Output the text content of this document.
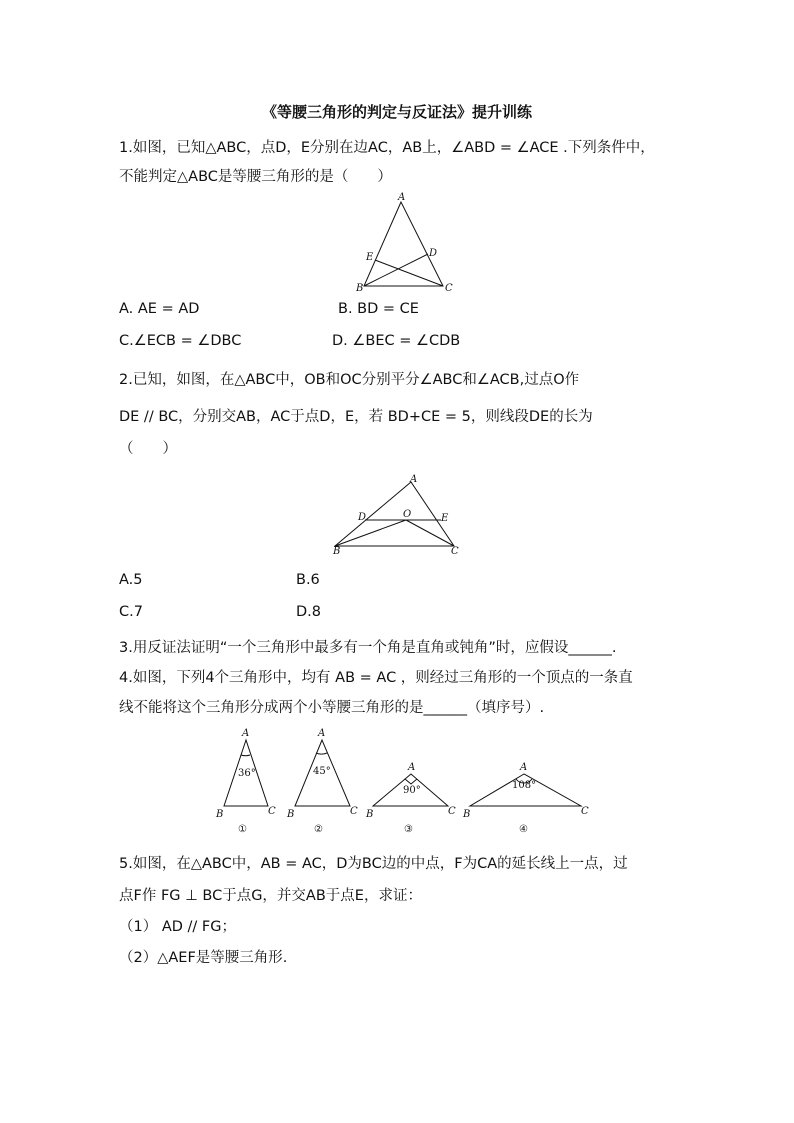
《等腰三角形的判定与反证法》提升训练
1.如图，已知△ABC，点D，E分别在边AC，AB上，∠ABD = ∠ACE .下列条件中，
不能判定△ABC是等腰三角形的是（　　）
A
B	C
D
E
A. AE = AD	B. BD = CE
C.∠ECB = ∠DBC	D. ∠BEC = ∠CDB
2.已知，如图，在△ABC中，OB和OC分别平分∠ABC和∠ACB,过点O作
DE // BC，分别交AB，AC于点D，E，若 BD+CE = 5，则线段DE的长为
（　　）
A
B	C
D	E
O
A.5	B.6
C.7	D.8
3.用反证法证明“一个三角形中最多有一个角是直角或钝角”时，应假设______.
4.如图，下列4个三角形中，均有 AB = AC ，则经过三角形的一个顶点的一条直
线不能将这个三角形分成两个小等腰三角形的是______（填序号）.
A
B	C
36°
①
A
B	C
45°
②
A
B	C
90°
③
A
B	C
108°
④
5.如图，在△ABC中，AB = AC，D为BC边的中点，F为CA的延长线上一点，过
点F作 FG ⊥ BC于点G，并交AB于点E，求证：
（1） AD // FG；
（2）△AEF是等腰三角形.
